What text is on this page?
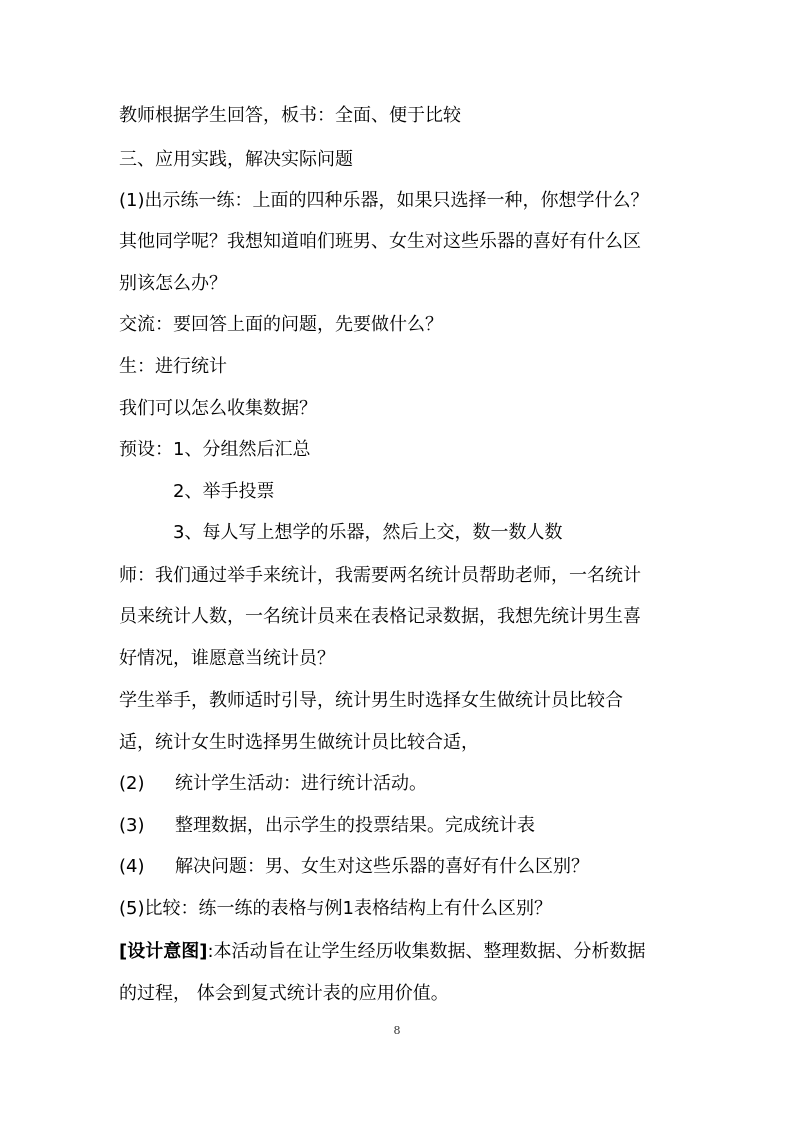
教师根据学生回答，板书：全面、便于比较
三、应用实践，解决实际问题
(1)出示练一练：上面的四种乐器，如果只选择一种，你想学什么？
其他同学呢？我想知道咱们班男、女生对这些乐器的喜好有什么区
别该怎么办？
交流：要回答上面的问题，先要做什么？
生：进行统计
我们可以怎么收集数据？
预设：1、分组然后汇总
2、举手投票
3、每人写上想学的乐器，然后上交，数一数人数
师：我们通过举手来统计，我需要两名统计员帮助老师，一名统计
员来统计人数，一名统计员来在表格记录数据，我想先统计男生喜
好情况，谁愿意当统计员？
学生举手，教师适时引导，统计男生时选择女生做统计员比较合
适，统计女生时选择男生做统计员比较合适，
(2) 统计学生活动：进行统计活动。
(3) 整理数据，出示学生的投票结果。完成统计表
(4) 解决问题：男、女生对这些乐器的喜好有什么区别？
(5)比较：练一练的表格与例1表格结构上有什么区别？
[设计意图]:本活动旨在让学生经历收集数据、整理数据、分析数据
的过程， 体会到复式统计表的应用价值。
8
